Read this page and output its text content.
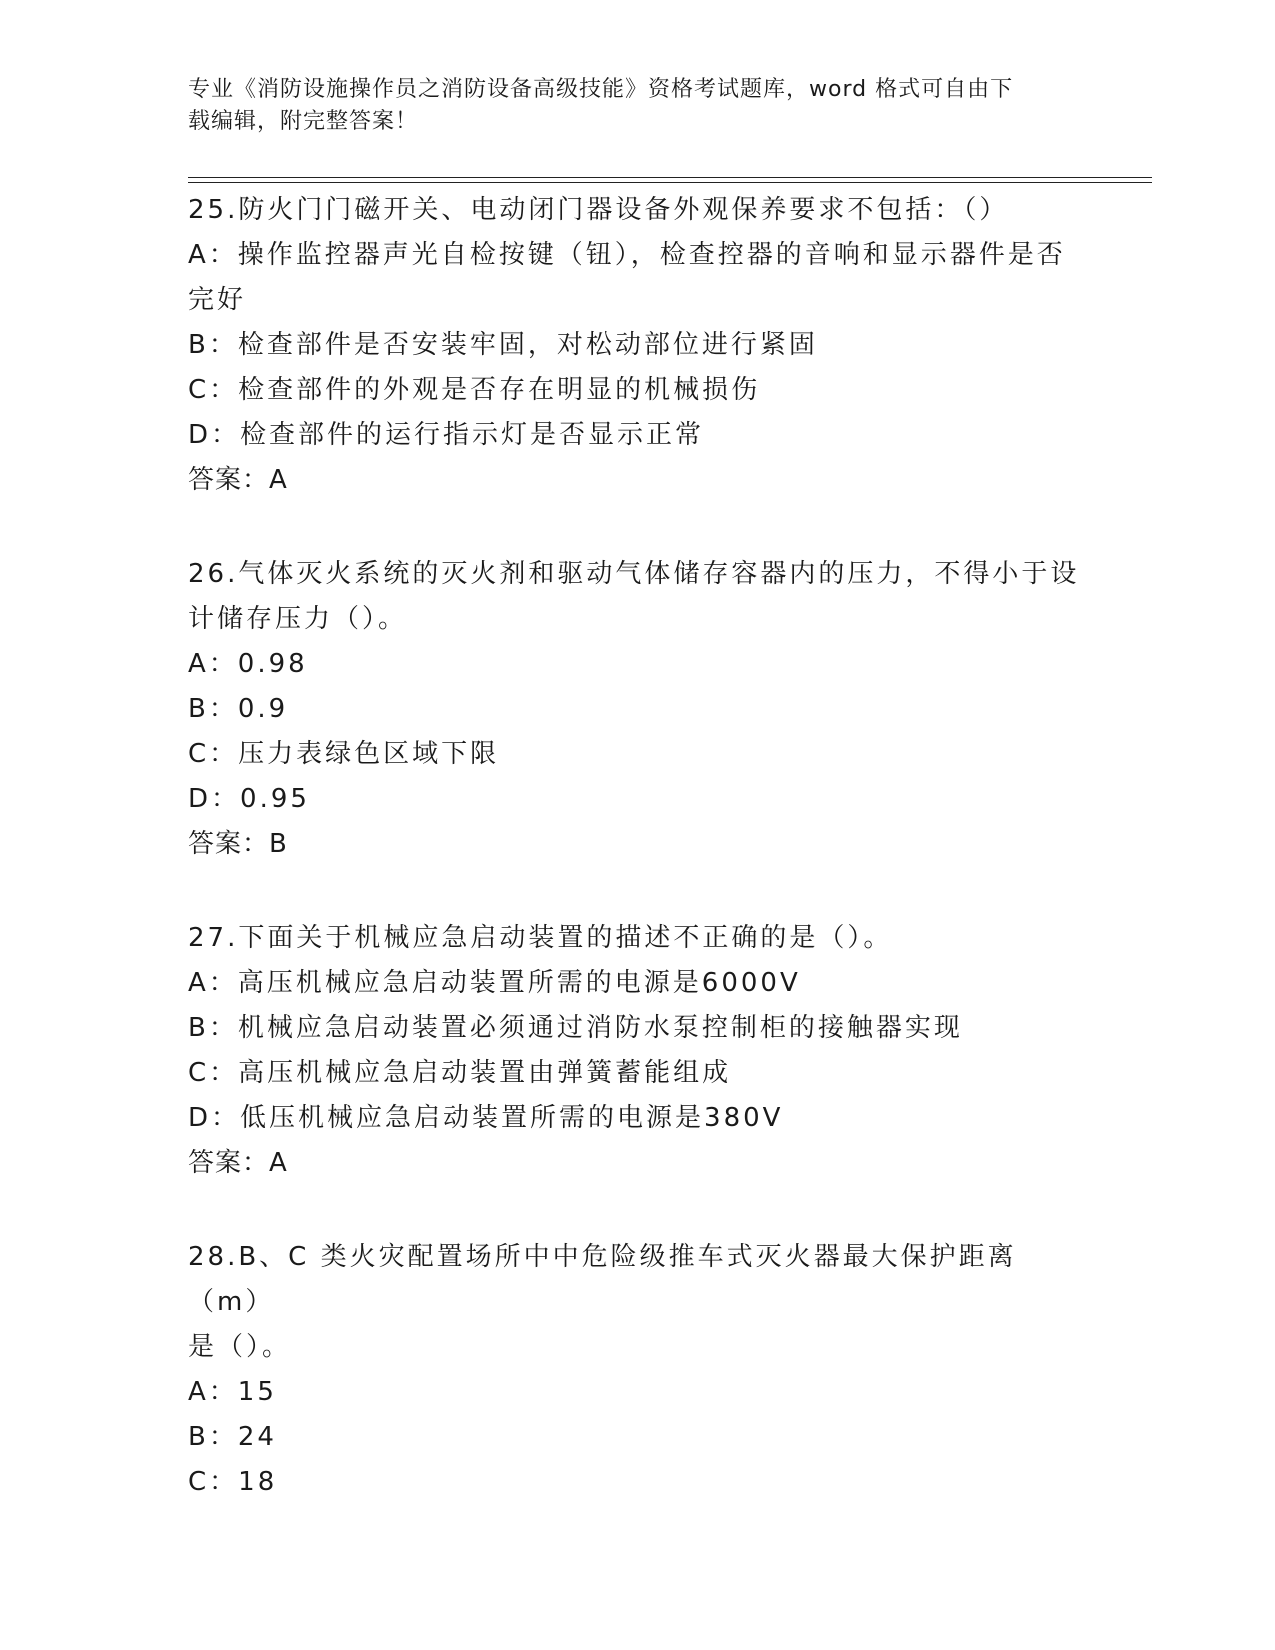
专业《消防设施操作员之消防设备高级技能》资格考试题库，word 格式可自由下
载编辑，附完整答案！
25.防火门门磁开关、电动闭门器设备外观保养要求不包括：（）
A：操作监控器声光自检按键（钮），检查控器的音响和显示器件是否
完好
B：检查部件是否安装牢固，对松动部位进行紧固
C：检查部件的外观是否存在明显的机械损伤
D：检查部件的运行指示灯是否显示正常
答案：A
26.气体灭火系统的灭火剂和驱动气体储存容器内的压力，不得小于设
计储存压力（）。
A：0.98
B：0.9
C：压力表绿色区域下限
D：0.95
答案：B
27.下面关于机械应急启动装置的描述不正确的是（）。
A：高压机械应急启动装置所需的电源是6000V
B：机械应急启动装置必须通过消防水泵控制柜的接触器实现
C：高压机械应急启动装置由弹簧蓄能组成
D：低压机械应急启动装置所需的电源是380V
答案：A
28.B、C 类火灾配置场所中中危险级推车式灭火器最大保护距离（m）
是（）。
A：15
B：24
C：18
